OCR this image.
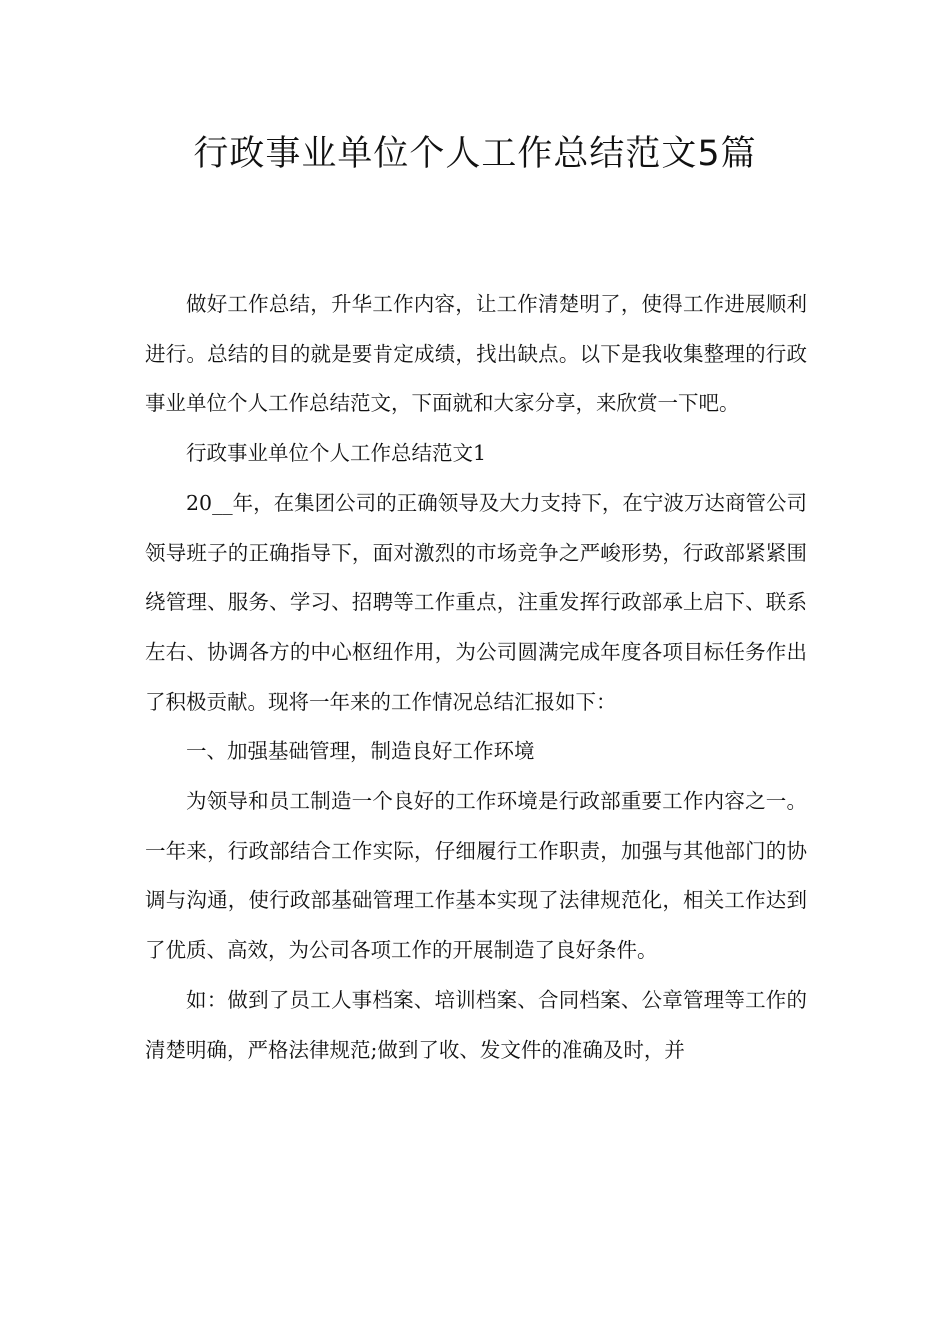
行政事业单位个人工作总结范文5篇

做好工作总结，升华工作内容，让工作清楚明了，使得工作进展顺利进行。总结的目的就是要肯定成绩，找出缺点。以下是我收集整理的行政事业单位个人工作总结范文，下面就和大家分享，来欣赏一下吧。

行政事业单位个人工作总结范文1

20__年，在集团公司的正确领导及大力支持下，在宁波万达商管公司领导班子的正确指导下，面对激烈的市场竞争之严峻形势，行政部紧紧围绕管理、服务、学习、招聘等工作重点，注重发挥行政部承上启下、联系左右、协调各方的中心枢纽作用，为公司圆满完成年度各项目标任务作出了积极贡献。现将一年来的工作情况总结汇报如下：

一、加强基础管理，制造良好工作环境

为领导和员工制造一个良好的工作环境是行政部重要工作内容之一。一年来，行政部结合工作实际，仔细履行工作职责，加强与其他部门的协调与沟通，使行政部基础管理工作基本实现了法律规范化，相关工作达到了优质、高效，为公司各项工作的开展制造了良好条件。

如：做到了员工人事档案、培训档案、合同档案、公章管理等工作的清楚明确，严格法律规范;做到了收、发文件的准确及时，并
